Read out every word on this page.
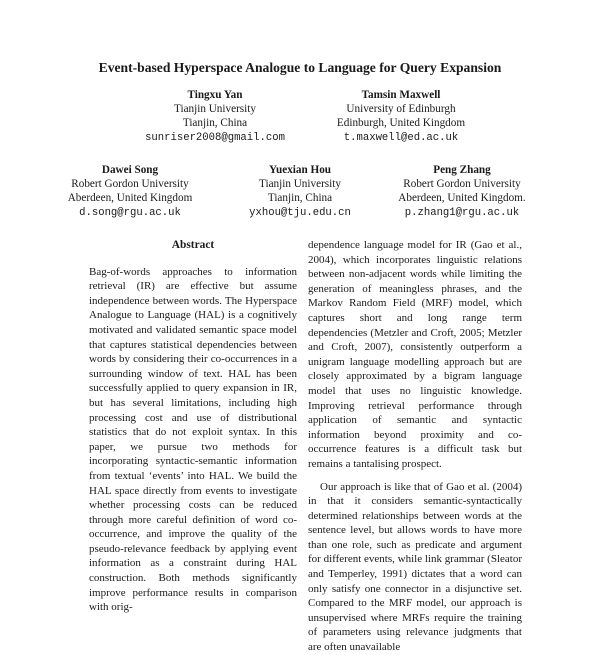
Event-based Hyperspace Analogue to Language for Query Expansion
Tingxu Yan
Tianjin University
Tianjin, China
sunriser2008@gmail.com
Tamsin Maxwell
University of Edinburgh
Edinburgh, United Kingdom
t.maxwell@ed.ac.uk
Dawei Song
Robert Gordon University
Aberdeen, United Kingdom
d.song@rgu.ac.uk
Yuexian Hou
Tianjin University
Tianjin, China
yxhou@tju.edu.cn
Peng Zhang
Robert Gordon University
Aberdeen, United Kingdom.
p.zhang1@rgu.ac.uk
Abstract

Bag-of-words approaches to information retrieval (IR) are effective but assume independence between words. The Hyperspace Analogue to Language (HAL) is a cognitively motivated and validated semantic space model that captures statistical dependencies between words by considering their co-occurrences in a surrounding window of text. HAL has been successfully applied to query expansion in IR, but has several limitations, including high processing cost and use of distributional statistics that do not exploit syntax. In this paper, we pursue two methods for incorporating syntactic-semantic information from textual ‘events’ into HAL. We build the HAL space directly from events to investigate whether processing costs can be reduced through more careful definition of word co-occurrence, and improve the quality of the pseudo-relevance feedback by applying event information as a constraint during HAL construction. Both methods significantly improve performance results in comparison with orig-

dependence language model for IR (Gao et al., 2004), which incorporates linguistic relations between non-adjacent words while limiting the generation of meaningless phrases, and the Markov Random Field (MRF) model, which captures short and long range term dependencies (Metzler and Croft, 2005; Metzler and Croft, 2007), consistently outperform a unigram language modelling approach but are closely approximated by a bigram language model that uses no linguistic knowledge. Improving retrieval performance through application of semantic and syntactic information beyond proximity and co-occurrence features is a difficult task but remains a tantalising prospect.

Our approach is like that of Gao et al. (2004) in that it considers semantic-syntactically determined relationships between words at the sentence level, but allows words to have more than one role, such as predicate and argument for different events, while link grammar (Sleator and Temperley, 1991) dictates that a word can only satisfy one connector in a disjunctive set. Compared to the MRF model, our approach is unsupervised where MRFs require the training of parameters using relevance judgments that are often unavailable
